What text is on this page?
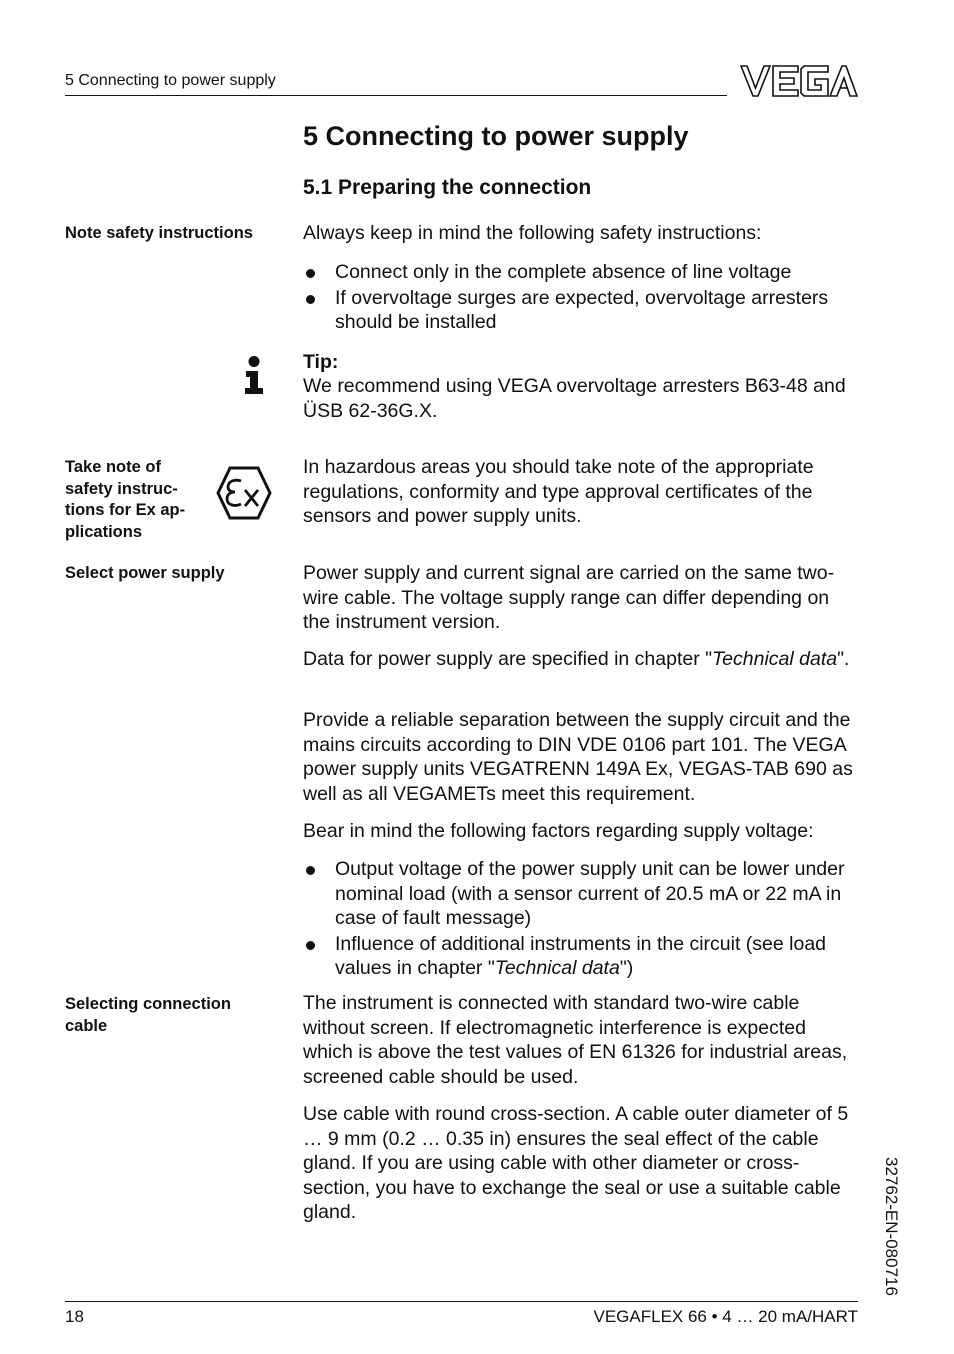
5 Connecting to power supply
5 Connecting to power supply
5.1 Preparing the connection
Note safety instructions	Always keep in mind the following safety instructions:
Connect only in the complete absence of line voltage
If overvoltage surges are expected, overvoltage arresters should be installed
Tip:
We recommend using VEGA overvoltage arresters B63-48 and ÜSB 62-36G.X.
Take note of
safety instruc-
tions for Ex ap-
plications
In hazardous areas you should take note of the appropriate regulations, conformity and type approval certificates of the sensors and power supply units.
Select power supply	Power supply and current signal are carried on the same two-wire cable. The voltage supply range can differ depending on the instrument version.
Data for power supply are specified in chapter "Technical data".
Provide a reliable separation between the supply circuit and the mains circuits according to DIN VDE 0106 part 101. The VEGA power supply units VEGATRENN 149A Ex, VEGAS-TAB 690 as well as all VEGAMETs meet this requirement.
Bear in mind the following factors regarding supply voltage:
Output voltage of the power supply unit can be lower under nominal load (with a sensor current of 20.5 mA or 22 mA in case of fault message)
Influence of additional instruments in the circuit (see load values in chapter "Technical data")
Selecting connection
cable
The instrument is connected with standard two-wire cable without screen. If electromagnetic interference is expected which is above the test values of EN 61326 for industrial areas, screened cable should be used.
Use cable with round cross-section. A cable outer diameter of 5 … 9 mm (0.2 … 0.35 in) ensures the seal effect of the cable gland. If you are using cable with other diameter or cross-section, you have to exchange the seal or use a suitable cable gland.	32762-EN-080716
18	VEGAFLEX 66 • 4 … 20 mA/HART
